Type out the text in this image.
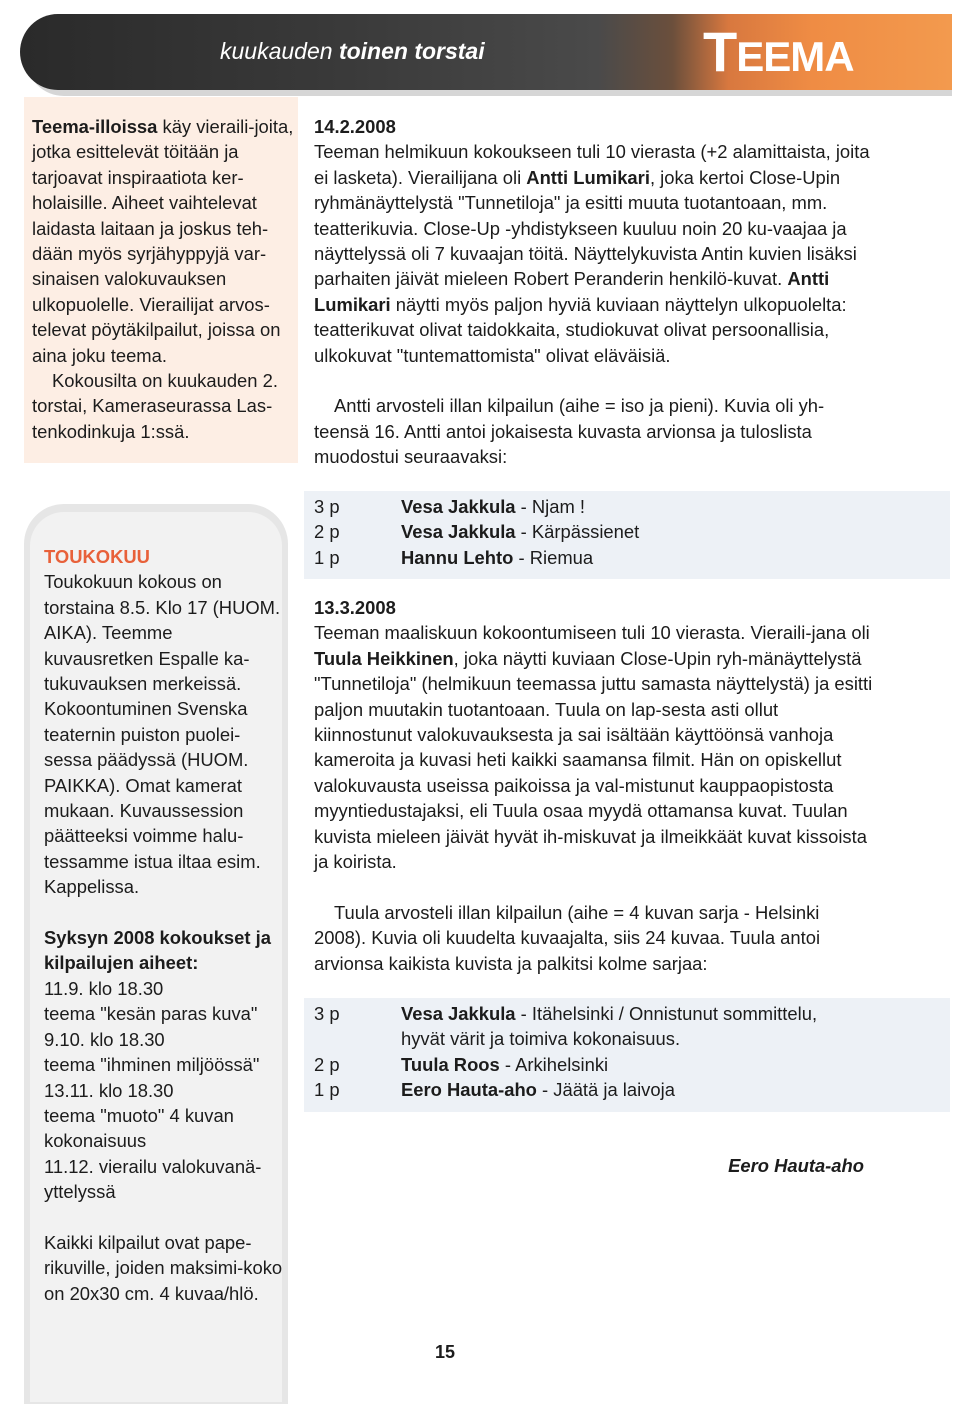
kuukauden toinen torstai	TEEMA

Teema-illoissa käy vieraili-joita, jotka esittelevät töitään ja tarjoavat inspiraatiota ker-holaisille. Aiheet vaihtelevat laidasta laitaan ja joskus teh-dään myös syrjähyppyjä var-sinaisen valokuvauksen ulkopuolelle. Vierailijat arvos-televat pöytäkilpailut, joissa on aina joku teema.

Kokousilta on kuukauden 2. torstai, Kameraseurassa Las-tenkodinkuja 1:ssä.

TOUKOKUU

Toukokuun kokous on torstaina 8.5. Klo 17 (HUOM. AIKA). Teemme kuvausretken Espalle ka-tukuvauksen merkeissä. Kokoontuminen Svenska teaternin puiston puolei-sessa päädyssä (HUOM. PAIKKA). Omat kamerat mukaan. Kuvaussession päätteeksi voimme halu-tessamme istua iltaa esim. Kappelissa.

Syksyn 2008 kokoukset ja kilpailujen aiheet:

11.9. klo 18.30

teema "kesän paras kuva"

9.10. klo 18.30

teema "ihminen miljöössä"

13.11. klo 18.30

teema "muoto" 4 kuvan kokonaisuus

11.12. vierailu valokuvanä-yttelyssä

Kaikki kilpailut ovat pape-rikuville, joiden maksimi-koko on 20x30 cm. 4 kuvaa/hlö.

14.2.2008

Teeman helmikuun kokoukseen tuli 10 vierasta (+2 alamittaista, joita ei lasketa). Vierailijana oli Antti Lumikari, joka kertoi Close-Upin ryhmänäyttelystä "Tunnetiloja" ja esitti muuta tuotantoaan, mm. teatterikuvia. Close-Up -yhdistykseen kuuluu noin 20 ku-vaajaa ja näyttelyssä oli 7 kuvaajan töitä. Näyttelykuvista Antin kuvien lisäksi parhaiten jäivät mieleen Robert Peranderin henkilö-kuvat. Antti Lumikari näytti myös paljon hyviä kuviaan näyttelyn ulkopuolelta: teatterikuvat olivat taidokkaita, studiokuvat olivat persoonallisia, ulkokuvat "tuntemattomista" olivat eläväisiä.

Antti arvosteli illan kilpailun (aihe = iso ja pieni). Kuvia oli yh-teensä 16. Antti antoi jokaisesta kuvasta arvionsa ja tuloslista muodostui seuraavaksi:

3 p	Vesa Jakkula - Njam !
2 p	Vesa Jakkula - Kärpässienet
1 p	Hannu Lehto - Riemua

13.3.2008

Teeman maaliskuun kokoontumiseen tuli 10 vierasta. Vieraili-jana oli Tuula Heikkinen, joka näytti kuviaan Close-Upin ryh-mänäyttelystä "Tunnetiloja" (helmikuun teemassa juttu samasta näyttelystä) ja esitti paljon muutakin tuotantoaan. Tuula on lap-sesta asti ollut kiinnostunut valokuvauksesta ja sai isältään käyttöönsä vanhoja kameroita ja kuvasi heti kaikki saamansa filmit. Hän on opiskellut valokuvausta useissa paikoissa ja val-mistunut kauppaopistosta myyntiedustajaksi, eli Tuula osaa myydä ottamansa kuvat. Tuulan kuvista mieleen jäivät hyvät ih-miskuvat ja ilmeikkäät kuvat kissoista ja koirista.

Tuula arvosteli illan kilpailun (aihe = 4 kuvan sarja - Helsinki 2008). Kuvia oli kuudelta kuvaajalta, siis 24 kuvaa. Tuula antoi arvionsa kaikista kuvista ja palkitsi kolme sarjaa:

3 p	Vesa Jakkula - Itähelsinki / Onnistunut sommittelu,
hyvät värit ja toimiva kokonaisuus.
2 p	Tuula Roos - Arkihelsinki
1 p	Eero Hauta-aho - Jäätä ja laivoja
Eero Hauta-aho
15
